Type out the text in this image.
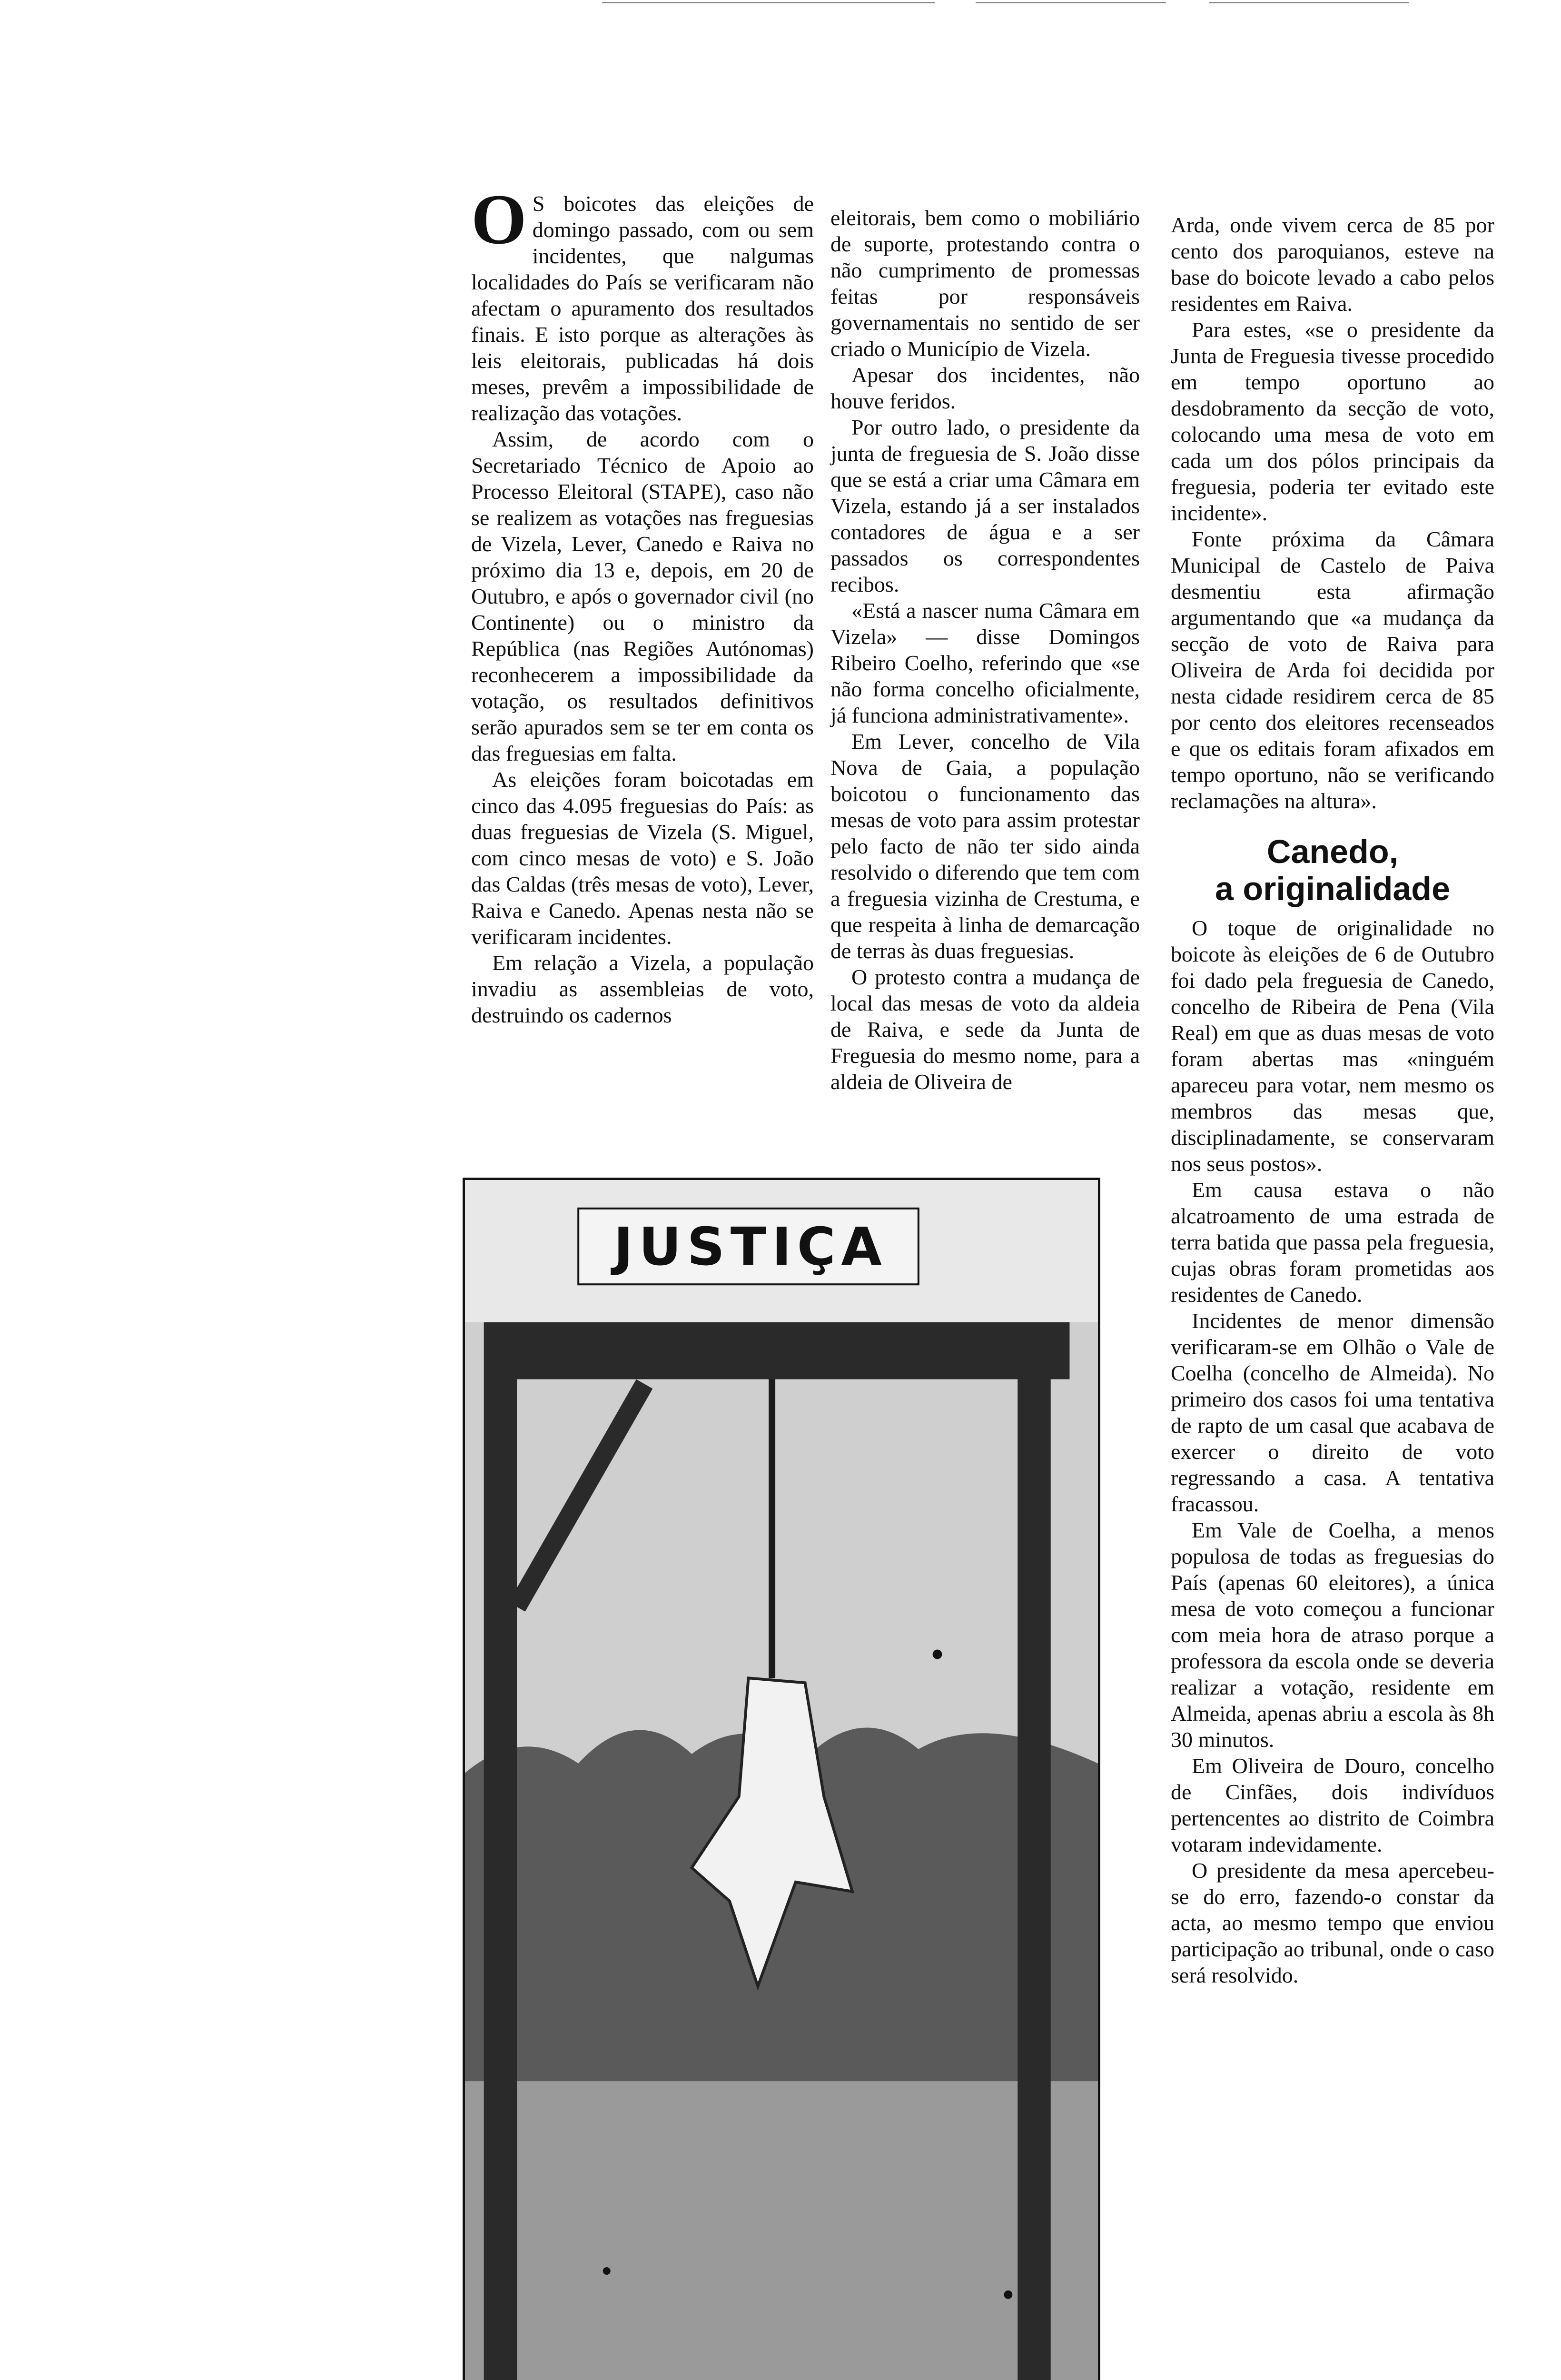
O S boicotes das eleições de domingo passado, com ou sem incidentes, que nalgumas localidades do País se verificaram não afectam o apuramento dos resultados finais. E isto porque as alterações às leis eleitorais, publicadas há dois meses, prevêm a impossibilidade de realização das votações.

Assim, de acordo com o Secretariado Técnico de Apoio ao Processo Eleitoral (STAPE), caso não se realizem as votações nas freguesias de Vizela, Lever, Canedo e Raiva no próximo dia 13 e, depois, em 20 de Outubro, e após o governador civil (no Continente) ou o ministro da República (nas Regiões Autónomas) reconhecerem a impossibilidade da votação, os resultados definitivos serão apurados sem se ter em conta os das freguesias em falta.

As eleições foram boicotadas em cinco das 4.095 freguesias do País: as duas freguesias de Vizela (S. Miguel, com cinco mesas de voto) e S. João das Caldas (três mesas de voto), Lever, Raiva e Canedo. Apenas nesta não se verificaram incidentes.

Em relação a Vizela, a população invadiu as assembleias de voto, destruindo os cadernos

eleitorais, bem como o mobiliário de suporte, protestando contra o não cumprimento de promessas feitas por responsáveis governamentais no sentido de ser criado o Município de Vizela.

Apesar dos incidentes, não houve feridos.

Por outro lado, o presidente da junta de freguesia de S. João disse que se está a criar uma Câmara em Vizela, estando já a ser instalados contadores de água e a ser passados os correspondentes recibos.

«Está a nascer numa Câmara em Vizela» — disse Domingos Ribeiro Coelho, referindo que «se não forma concelho oficialmente, já funciona administrativamente».

Em Lever, concelho de Vila Nova de Gaia, a população boicotou o funcionamento das mesas de voto para assim protestar pelo facto de não ter sido ainda resolvido o diferendo que tem com a freguesia vizinha de Crestuma, e que respeita à linha de demarcação de terras às duas freguesias.

O protesto contra a mudança de local das mesas de voto da aldeia de Raiva, e sede da Junta de Freguesia do mesmo nome, para a aldeia de Oliveira de

Arda, onde vivem cerca de 85 por cento dos paroquianos, esteve na base do boicote levado a cabo pelos residentes em Raiva.

Para estes, «se o presidente da Junta de Freguesia tivesse procedido em tempo oportuno ao desdobramento da secção de voto, colocando uma mesa de voto em cada um dos pólos principais da freguesia, poderia ter evitado este incidente».

Fonte próxima da Câmara Municipal de Castelo de Paiva desmentiu esta afirmação argumentando que «a mudança da secção de voto de Raiva para Oliveira de Arda foi decidida por nesta cidade residirem cerca de 85 por cento dos eleitores recenseados e que os editais foram afixados em tempo oportuno, não se verificando reclamações na altura».

Canedo,
a originalidade

O toque de originalidade no boicote às eleições de 6 de Outubro foi dado pela freguesia de Canedo, concelho de Ribeira de Pena (Vila Real) em que as duas mesas de voto foram abertas mas «ninguém apareceu para votar, nem mesmo os membros das mesas que, disciplinadamente, se conservaram nos seus postos».

Em causa estava o não alcatroamento de uma estrada de terra batida que passa pela freguesia, cujas obras foram prometidas aos residentes de Canedo.

Incidentes de menor dimensão verificaram-se em Olhão o Vale de Coelha (concelho de Almeida). No primeiro dos casos foi uma tentativa de rapto de um casal que acabava de exercer o direito de voto regressando a casa. A tentativa fracassou.

Em Vale de Coelha, a menos populosa de todas as freguesias do País (apenas 60 eleitores), a única mesa de voto começou a funcionar com meia hora de atraso porque a professora da escola onde se deveria realizar a votação, residente em Almeida, apenas abriu a escola às 8h 30 minutos.

Em Oliveira de Douro, concelho de Cinfães, dois indivíduos pertencentes ao distrito de Coimbra votaram indevidamente.

O presidente da mesa apercebeu-se do erro, fazendo-o constar da acta, ao mesmo tempo que enviou participação ao tribunal, onde o caso será resolvido.

JUSTIÇA
